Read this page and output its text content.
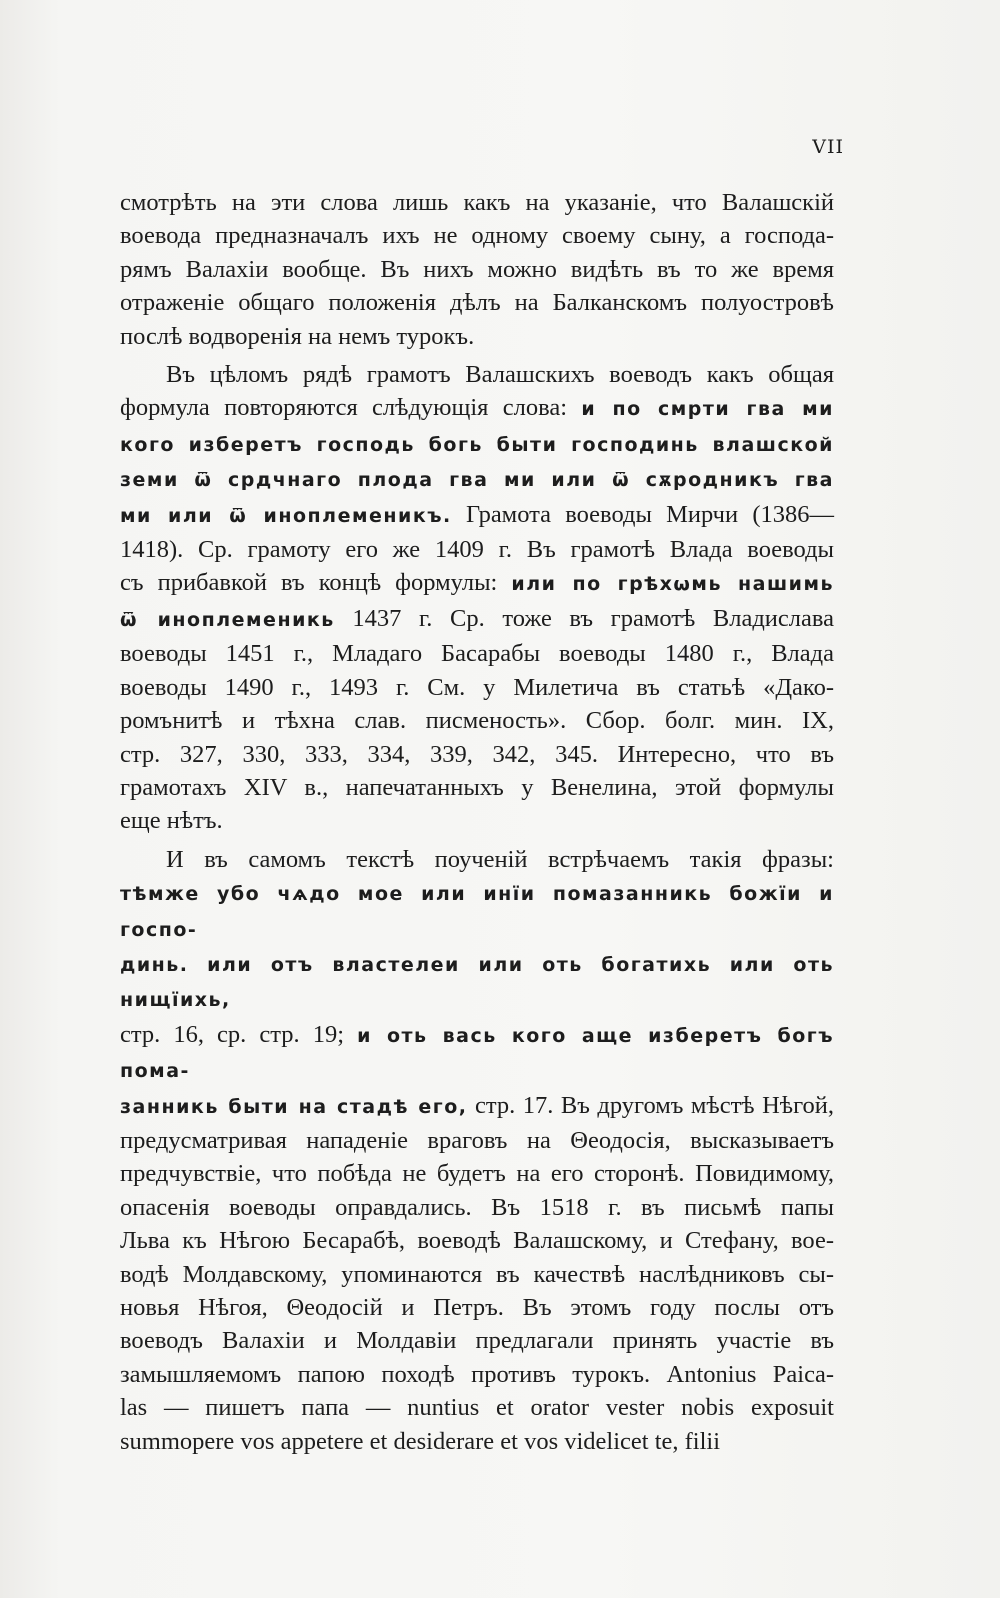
VII

смотрѣть на эти слова лишь какъ на указаніе, что Валашскій

воевода предназначалъ ихъ не одному своему сыну, а господа-

рямъ Валахіи вообще. Въ нихъ можно видѣть въ то же время

отраженіе общаго положенія дѣлъ на Балканскомъ полуостровѣ

послѣ водворенія на немъ турокъ.

Въ цѣломъ рядѣ грамотъ Валашскихъ воеводъ какъ общая

формула повторяются слѣдующія слова: и по смрти гва ми

кого изберетъ господь богь быти господинь влашской

земи ѿ срдчнаго плода гва ми или ѿ сѫродникъ гва

ми или ѿ иноплеменикъ. Грамота воеводы Мирчи (1386—

1418). Ср. грамоту его же 1409 г. Въ грамотѣ Влада воеводы

съ прибавкой въ концѣ формулы: или по грѣхωмь нашимь

ѿ иноплеменикь 1437 г. Ср. тоже въ грамотѣ Владислава

воеводы 1451 г., Младаго Басарабы воеводы 1480 г., Влада

воеводы 1490 г., 1493 г. См. у Милетича въ статьѣ «Дако-

ромънитѣ и тѣхна слав. писменость». Сбор. болг. мин. IX,

стр. 327, 330, 333, 334, 339, 342, 345. Интересно, что въ

грамотахъ XIV в., напечатанныхъ у Венелина, этой формулы

еще нѣтъ.

И въ самомъ текстѣ поученій встрѣчаемъ такія фразы:

тѣмже убо чѧдо мое или инїи помазанникь божїи и госпо-

динь. или отъ властелеи или оть богатихь или оть нищїихь,

стр. 16, ср. стр. 19; и оть вась кого аще изберетъ богъ пома-

занникь быти на стадѣ его, стр. 17. Въ другомъ мѣстѣ Нѣгой,

предусматривая нападеніе враговъ на Θеодосія, высказываетъ

предчувствіе, что побѣда не будетъ на его сторонѣ. Повидимому,

опасенія воеводы оправдались. Въ 1518 г. въ письмѣ папы

Льва къ Нѣгою Бесарабѣ, воеводѣ Валашскому, и Стефану, вое-

водѣ Молдавскому, упоминаются въ качествѣ наслѣдниковъ сы-

новья Нѣгоя, Θеодосій и Петръ. Въ этомъ году послы отъ

воеводъ Валахіи и Молдавіи предлагали принять участіе въ

замышляемомъ папою походѣ противъ турокъ. Antonius Paica-

las — пишетъ папа — nuntius et orator vester nobis exposuit

summopere vos appetere et desiderare et vos videlicet te, filii
